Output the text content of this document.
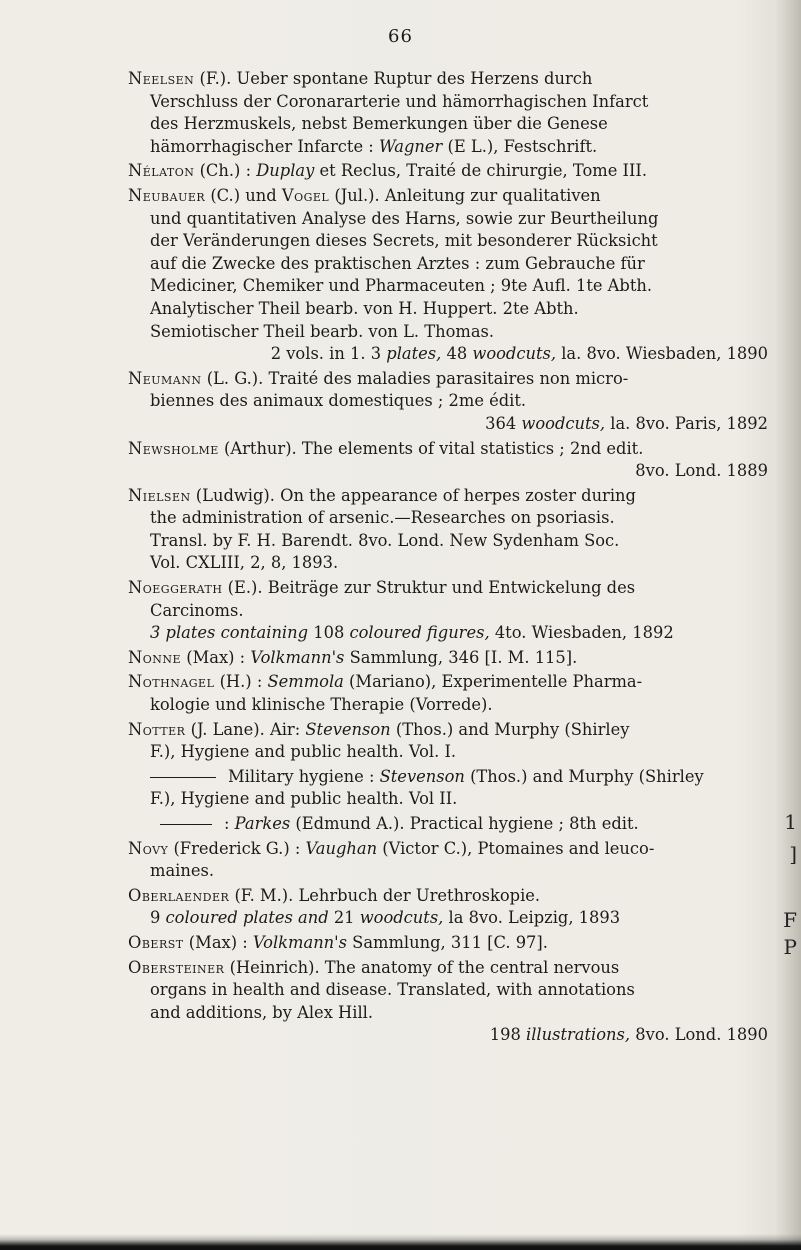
1
]
F
P
66
Neelsen (F.). Ueber spontane Ruptur des Herzens durch
Verschluss der Coronararterie und hämorrhagischen Infarct
des Herzmuskels, nebst Bemerkungen über die Genese
hämorrhagischer Infarcte : Wagner (E L.), Festschrift.
Nélaton (Ch.) : Duplay et Reclus, Traité de chirurgie, Tome III.
Neubauer (C.) und Vogel (Jul.). Anleitung zur qualitativen
und quantitativen Analyse des Harns, sowie zur Beurtheilung
der Veränderungen dieses Secrets, mit besonderer Rücksicht
auf die Zwecke des praktischen Arztes : zum Gebrauche für
Mediciner, Chemiker und Pharmaceuten ; 9te Aufl. 1te Abth.
Analytischer Theil bearb. von H. Huppert. 2te Abth.
Semiotischer Theil bearb. von L. Thomas.
2 vols. in 1. 3 plates, 48 woodcuts, la. 8vo. Wiesbaden, 1890
Neumann (L. G.). Traité des maladies parasitaires non micro-
biennes des animaux domestiques ; 2me édit.
364 woodcuts, la. 8vo. Paris, 1892
Newsholme (Arthur). The elements of vital statistics ; 2nd edit.
8vo. Lond. 1889
Nielsen (Ludwig). On the appearance of herpes zoster during
the administration of arsenic.—Researches on psoriasis.
Transl. by F. H. Barendt. 8vo. Lond. New Sydenham Soc.
Vol. CXLIII, 2, 8, 1893.
Noeggerath (E.). Beiträge zur Struktur und Entwickelung des
Carcinoms.
3 plates containing 108 coloured figures, 4to. Wiesbaden, 1892
Nonne (Max) : Volkmann's Sammlung, 346 [I. M. 115].
Nothnagel (H.) : Semmola (Mariano), Experimentelle Pharma-
kologie und klinische Therapie (Vorrede).
Notter (J. Lane). Air: Stevenson (Thos.) and Murphy (Shirley
F.), Hygiene and public health. Vol. I.
Military hygiene : Stevenson (Thos.) and Murphy (Shirley
F.), Hygiene and public health. Vol II.
: Parkes (Edmund A.). Practical hygiene ; 8th edit.
Novy (Frederick G.) : Vaughan (Victor C.), Ptomaines and leuco-
maines.
Oberlaender (F. M.). Lehrbuch der Urethroskopie.
9 coloured plates and 21 woodcuts, la 8vo. Leipzig, 1893
Oberst (Max) : Volkmann's Sammlung, 311 [C. 97].
Obersteiner (Heinrich). The anatomy of the central nervous
organs in health and disease. Translated, with annotations
and additions, by Alex Hill.
198 illustrations, 8vo. Lond. 1890
